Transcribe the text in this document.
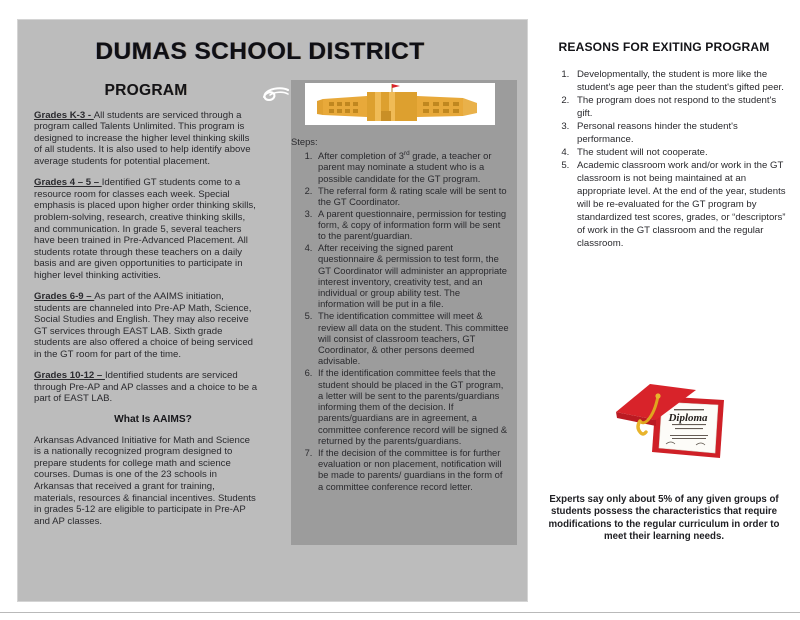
DUMAS SCHOOL DISTRICT
PROGRAM

Grades K-3 - All students are serviced through a program called Talents Unlimited. This program is designed to increase the higher level thinking skills of all students. It is also used to help identify above average students for potential placement.

Grades 4 – 5 – Identified GT students come to a resource room for classes each week. Special emphasis is placed upon higher order thinking skills, problem-solving, research, creative thinking skills, and communication. In grade 5, several teachers have been trained in Pre-Advanced Placement. All students rotate through these teachers on a daily basis and are given opportunities to participate in higher level thinking activities.

Grades 6-9 – As part of the AAIMS initiation, students are channeled into Pre-AP Math, Science, Social Studies and English. They may also receive GT services through EAST LAB. Sixth grade students are also offered a choice of being serviced in the GT room for part of the time.

Grades 10-12 – Identified students are serviced through Pre-AP and AP classes and a choice to be a part of EAST LAB.

What Is AAIMS?

Arkansas Advanced Initiative for Math and Science is a nationally recognized program designed to prepare students for college math and science courses. Dumas is one of the 23 schools in Arkansas that received a grant for training, materials, resources & financial incentives. Students in grades 5-12 are eligible to participate in Pre-AP and AP classes.

Steps:
1. After completion of 3rd grade, a teacher or parent may nominate a student who is a possible candidate for the GT program.
2. The referral form & rating scale will be sent to the GT Coordinator.
3. A parent questionnaire, permission for testing form, & copy of information form will be sent to the parent/guardian.
4. After receiving the signed parent questionnaire & permission to test form, the GT Coordinator will administer an appropriate interest inventory, creativity test, and an individual or group ability test. The information will be put in a file.
5. The identification committee will meet & review all data on the student. This committee will consist of classroom teachers, GT Coordinator, & other persons deemed advisable.
6. If the identification committee feels that the student should be placed in the GT program, a letter will be sent to the parents/guardians informing them of the decision. If parents/guardians are in agreement, a committee conference record will be signed & returned by the parents/guardians.
7. If the decision of the committee is for further evaluation or non placement, notification will be made to parents/ guardians in the form of a committee conference record letter.
REASONS FOR EXITING PROGRAM
1. Developmentally, the student is more like the student's age peer than the student's gifted peer.
2. The program does not respond to the student's gift.
3. Personal reasons hinder the student's performance.
4. The student will not cooperate.
5. Academic classroom work and/or work in the GT classroom is not being maintained at an appropriate level. At the end of the year, students will be re-evaluated for the GT program by standardized test scores, grades, or “descriptors” of work in the GT classroom and the regular classroom.
Diploma
Experts say only about 5% of any given groups of students possess the characteristics that require modifications to the regular curriculum in order to meet their learning needs.
